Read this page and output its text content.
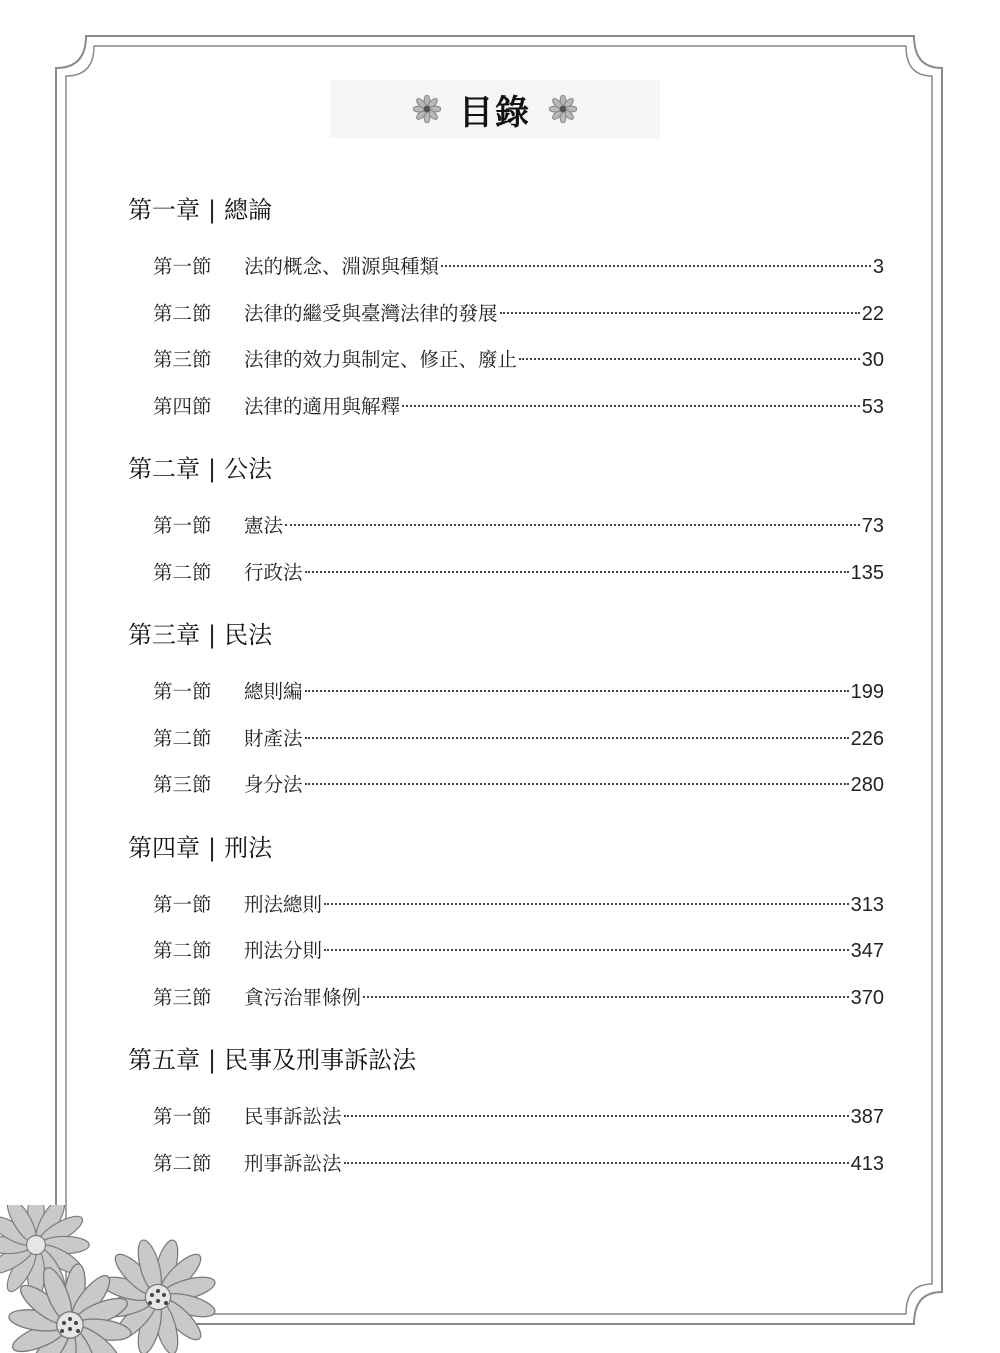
目錄
第一章 | 總論
第一節	法的概念、淵源與種類	3
第二節	法律的繼受與臺灣法律的發展	22
第三節	法律的效力與制定、修正、廢止	30
第四節	法律的適用與解釋	53
第二章 | 公法
第一節	憲法	73
第二節	行政法	135
第三章 | 民法
第一節	總則編	199
第二節	財產法	226
第三節	身分法	280
第四章 | 刑法
第一節	刑法總則	313
第二節	刑法分則	347
第三節	貪污治罪條例	370
第五章 | 民事及刑事訴訟法
第一節	民事訴訟法	387
第二節	刑事訴訟法	413
